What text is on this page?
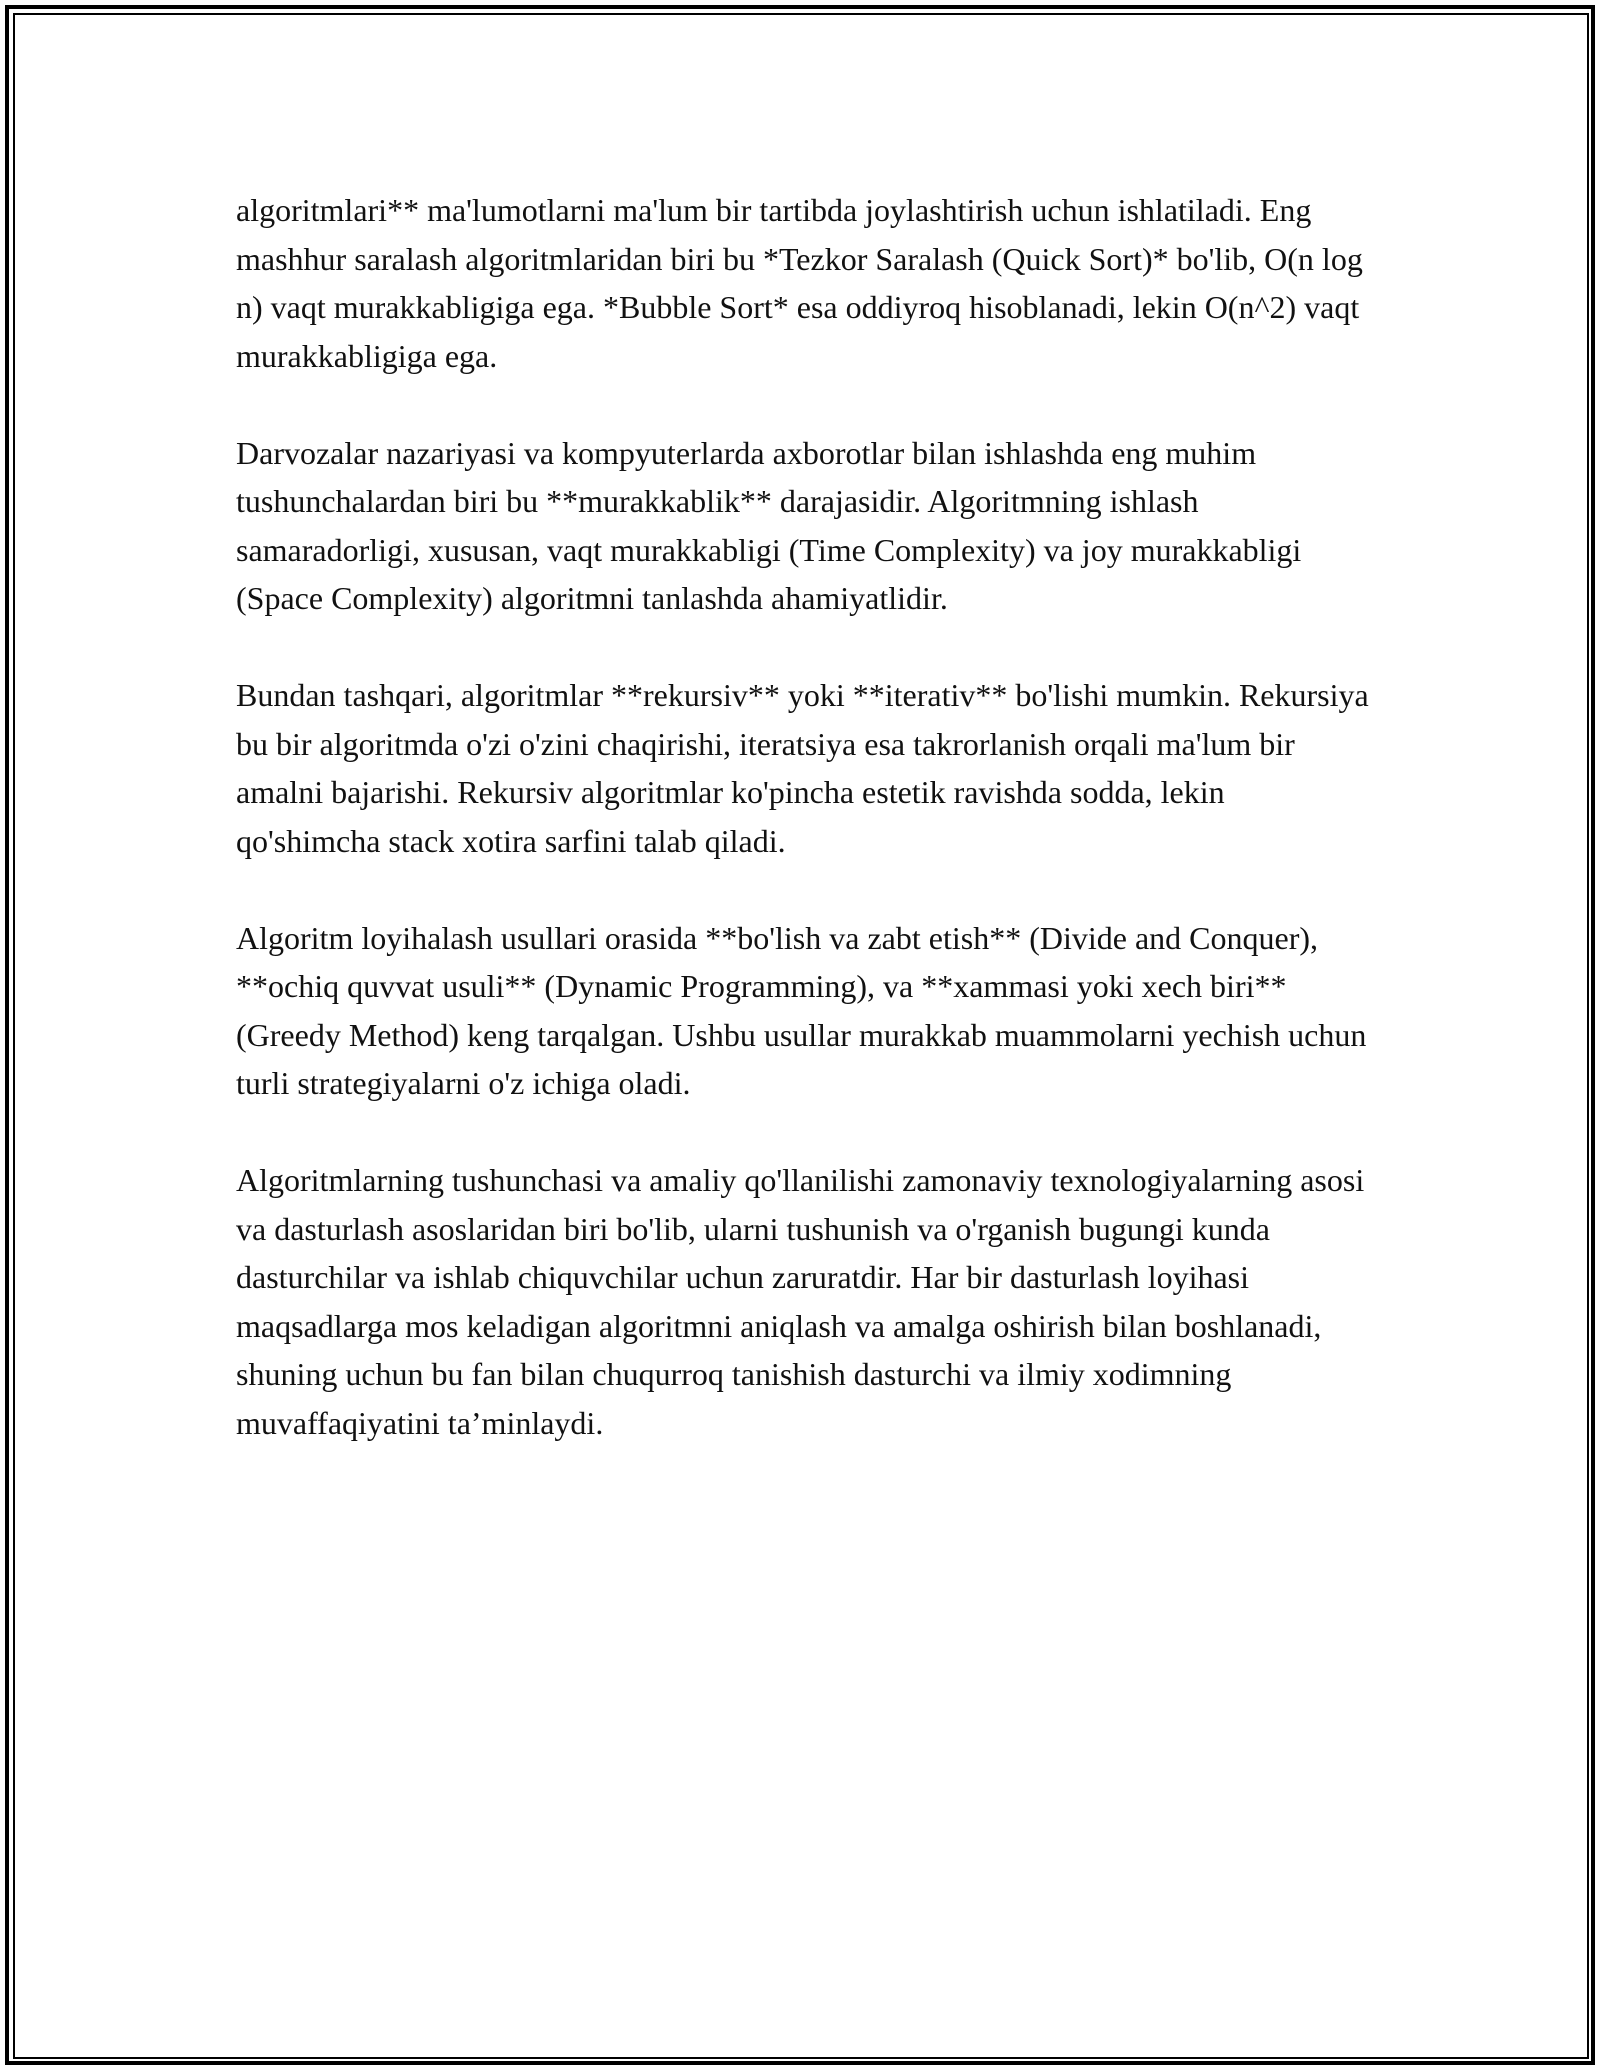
algoritmlari** ma'lumotlarni ma'lum bir tartibda joylashtirish uchun ishlatiladi. Eng mashhur saralash algoritmlaridan biri bu *Tezkor Saralash (Quick Sort)* bo'lib, O(n log n) vaqt murakkabligiga ega. *Bubble Sort* esa oddiyroq hisoblanadi, lekin O(n^2) vaqt murakkabligiga ega.

Darvozalar nazariyasi va kompyuterlarda axborotlar bilan ishlashda eng muhim tushunchalardan biri bu **murakkablik** darajasidir. Algoritmning ishlash samaradorligi, xususan, vaqt murakkabligi (Time Complexity) va joy murakkabligi (Space Complexity) algoritmni tanlashda ahamiyatlidir.

Bundan tashqari, algoritmlar **rekursiv** yoki **iterativ** bo'lishi mumkin. Rekursiya bu bir algoritmda o'zi o'zini chaqirishi, iteratsiya esa takrorlanish orqali ma'lum bir amalni bajarishi. Rekursiv algoritmlar ko'pincha estetik ravishda sodda, lekin qo'shimcha stack xotira sarfini talab qiladi.

Algoritm loyihalash usullari orasida **bo'lish va zabt etish** (Divide and Conquer), **ochiq quvvat usuli** (Dynamic Programming), va **xammasi yoki xech biri** (Greedy Method) keng tarqalgan. Ushbu usullar murakkab muammolarni yechish uchun turli strategiyalarni o'z ichiga oladi.

Algoritmlarning tushunchasi va amaliy qo'llanilishi zamonaviy texnologiyalarning asosi va dasturlash asoslaridan biri bo'lib, ularni tushunish va o'rganish bugungi kunda dasturchilar va ishlab chiquvchilar uchun zaruratdir. Har bir dasturlash loyihasi maqsadlarga mos keladigan algoritmni aniqlash va amalga oshirish bilan boshlanadi, shuning uchun bu fan bilan chuqurroq tanishish dasturchi va ilmiy xodimning muvaffaqiyatini ta’minlaydi.
